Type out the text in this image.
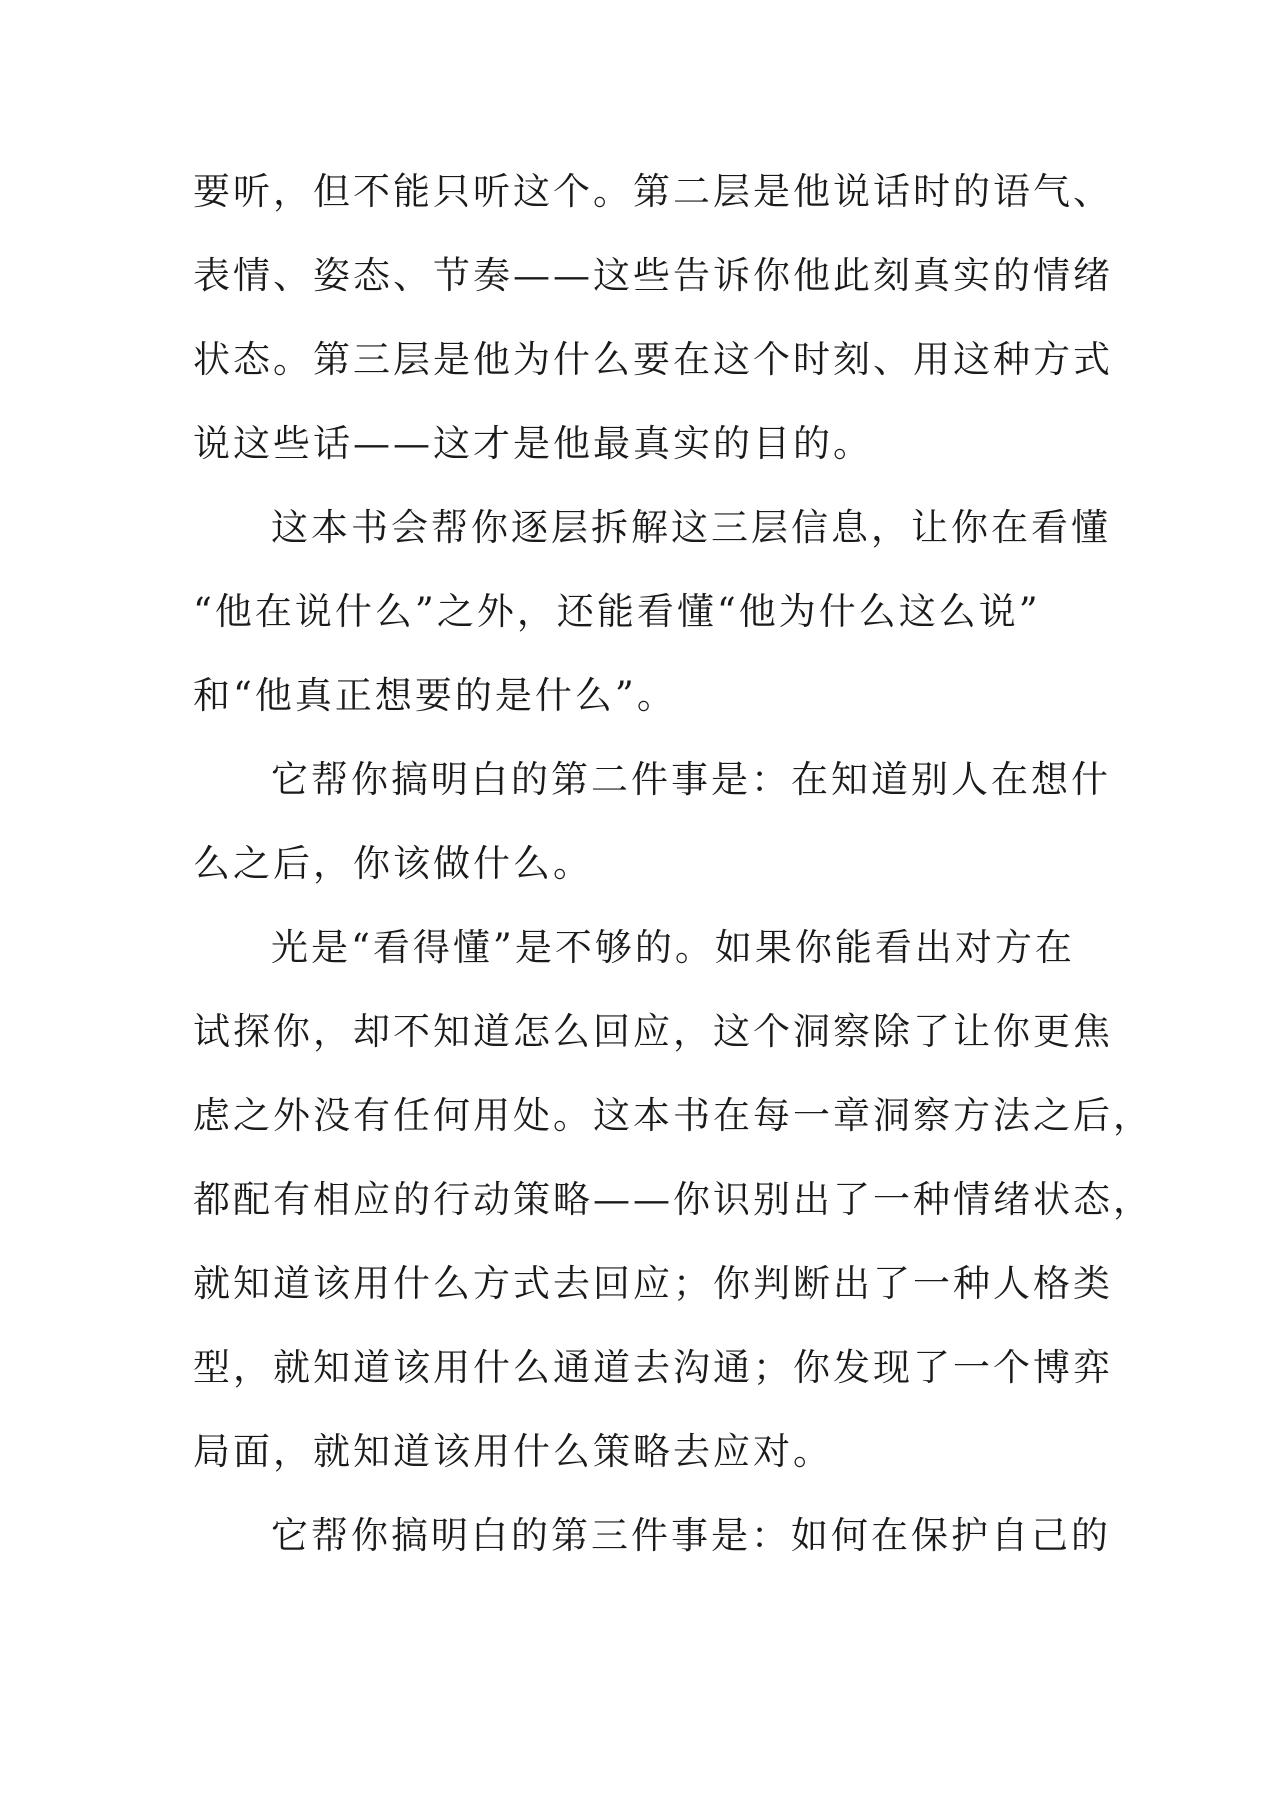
要听，但不能只听这个。第二层是他说话时的语气、
表情、姿态、节奏——这些告诉你他此刻真实的情绪
状态。第三层是他为什么要在这个时刻、用这种方式
说这些话——这才是他最真实的目的。

这本书会帮你逐层拆解这三层信息，让你在看懂
“他在说什么”之外，还能看懂“他为什么这么说”
和“他真正想要的是什么”。

它帮你搞明白的第二件事是：在知道别人在想什
么之后，你该做什么。

光是“看得懂”是不够的。如果你能看出对方在
试探你，却不知道怎么回应，这个洞察除了让你更焦
虑之外没有任何用处。这本书在每一章洞察方法之后，
都配有相应的行动策略——你识别出了一种情绪状态，
就知道该用什么方式去回应；你判断出了一种人格类
型，就知道该用什么通道去沟通；你发现了一个博弈
局面，就知道该用什么策略去应对。

它帮你搞明白的第三件事是：如何在保护自己的
